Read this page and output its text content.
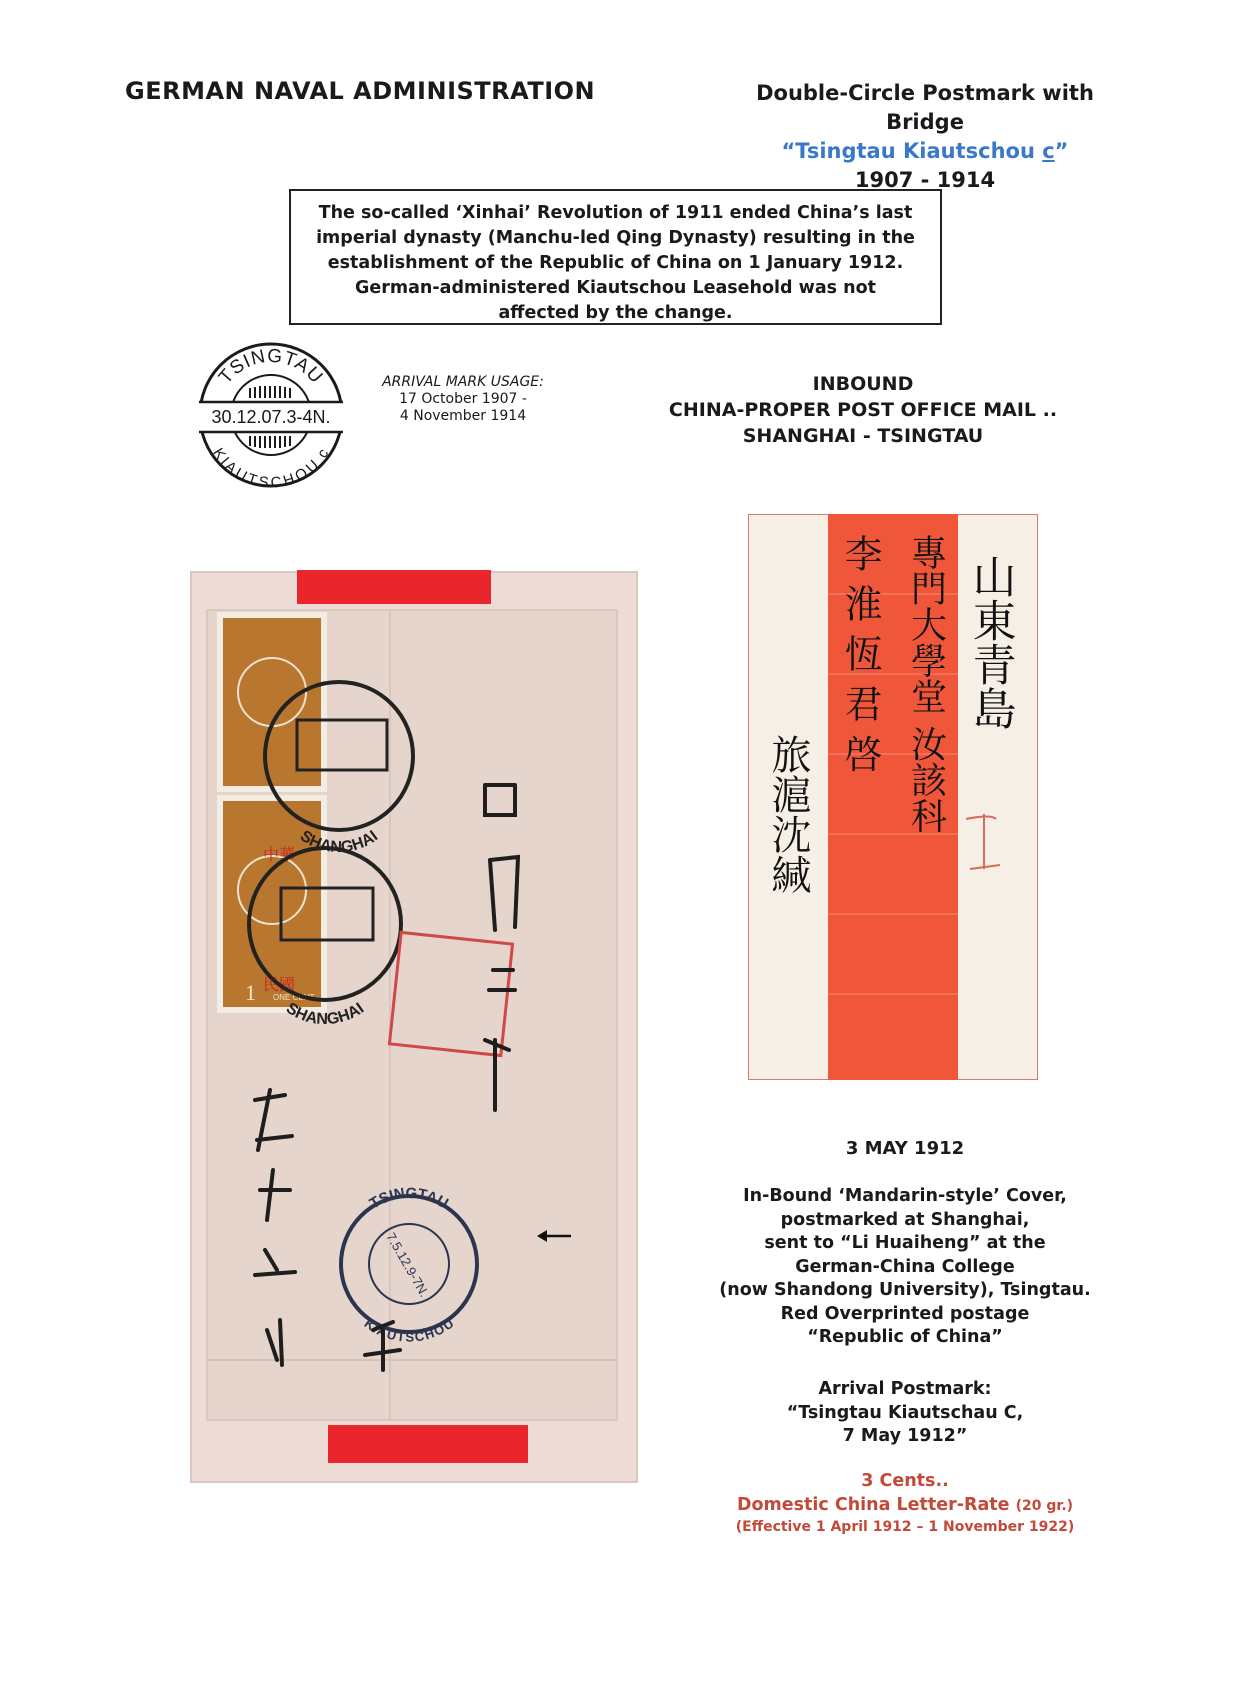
GERMAN NAVAL ADMINISTRATION	Double-Circle Postmark with Bridge
“Tsingtau Kiautschou c”
1907 - 1914
The so-called ‘Xinhai’ Revolution of 1911 ended China’s last
imperial dynasty (Manchu-led Qing Dynasty) resulting in the
establishment of the Republic of China on 1 January 1912.
German-administered Kiautschou Leasehold was not
affected by the change.
TSINGTAU
KIAUTSCHOU c
30.12.07.3-4N.
ARRIVAL MARK USAGE:
17 October 1907 -
4 November 1914
INBOUND
CHINA-PROPER POST OFFICE MAIL ..
SHANGHAI - TSINGTAU
1 ONE CENT
中華
民國
SHANGHAI
SHANGHAI
TSINGTAU
KIAUTSCHOU
7.5.12.9-7N.
山東青島
專門大學堂 汝該科
李 淮 恆 君 啓
旅滬沈緘
3 MAY 1912
In-Bound ‘Mandarin-style’ Cover,
postmarked at Shanghai,
sent to “Li Huaiheng” at the
German-China College
(now Shandong University), Tsingtau.
Red Overprinted postage
“Republic of China”
Arrival Postmark:
“Tsingtau Kiautschau C,
7 May 1912”
3 Cents..
Domestic China Letter-Rate (20 gr.)
(Effective 1 April 1912 – 1 November 1922)
